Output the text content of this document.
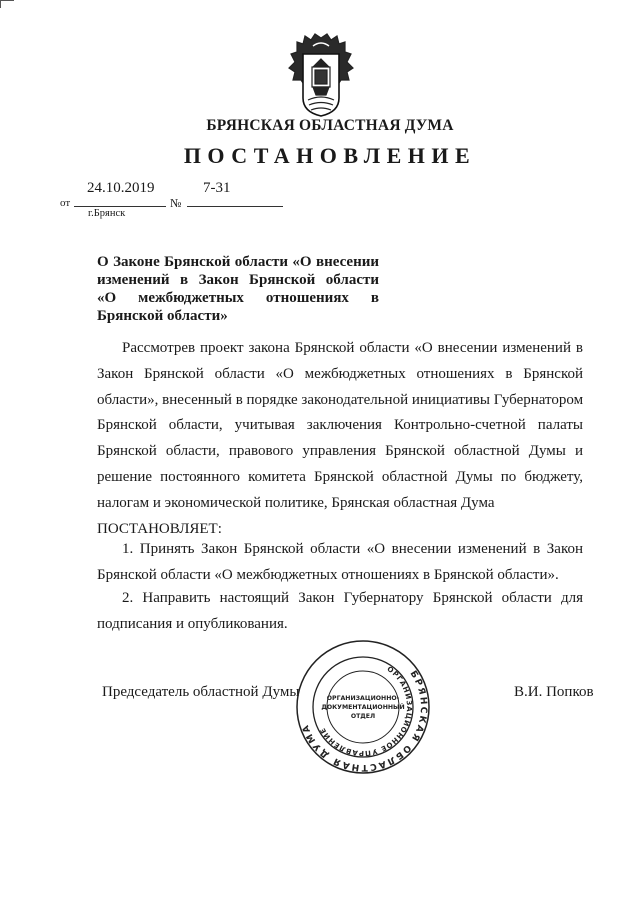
БРЯНСКАЯ ОБЛАСТНАЯ ДУМА
ПОСТАНОВЛЕНИЕ
24.10.2019	7-31
от	№
г.Брянск
О Законе Брянской области «О внесении
изменений в Закон Брянской области
«О межбюджетных отношениях в
Брянской области»
Рассмотрев проект закона Брянской области «О внесении изменений в
Закон Брянской области «О межбюджетных отношениях в Брянской
области», внесенный в порядке законодательной инициативы Губернатором
Брянской области, учитывая заключения Контрольно-счетной палаты
Брянской области, правового управления Брянской областной Думы и
решение постоянного комитета Брянской областной Думы по бюджету,
налогам и экономической политике, Брянская областная Дума
ПОСТАНОВЛЯЕТ:
1. Принять Закон Брянской области «О внесении изменений в Закон
Брянской области «О межбюджетных отношениях в Брянской области».
2. Направить настоящий Закон Губернатору Брянской области для
подписания и опубликования.
Председатель областной Думы	В.И. Попков
БРЯНСКАЯ ОБЛАСТНАЯ ДУМА
ОРГАНИЗАЦИОННОЕ УПРАВЛЕНИЕ
ОРГАНИЗАЦИОННО-
ДОКУМЕНТАЦИОННЫЙ
ОТДЕЛ
